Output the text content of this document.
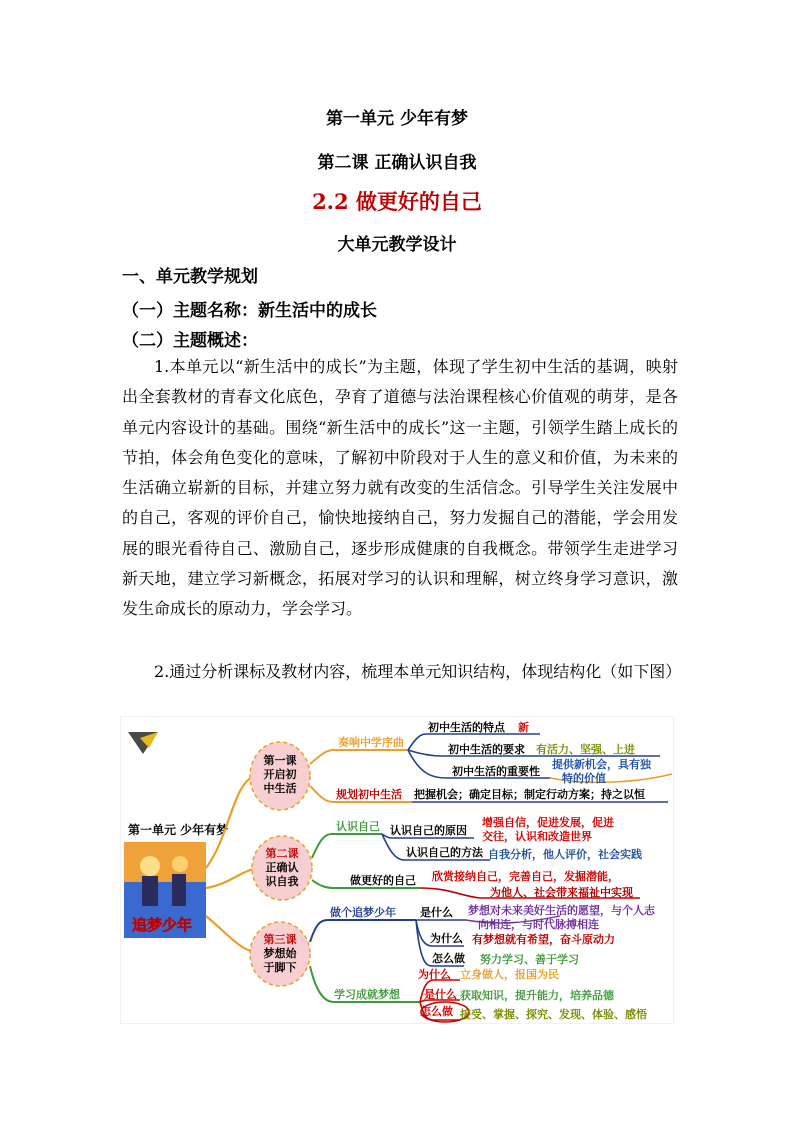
第一单元 少年有梦
第二课 正确认识自我
2.2 做更好的自己
大单元教学设计
一、单元教学规划
（一）主题名称：新生活中的成长
（二）主题概述：
1.本单元以“新生活中的成长”为主题，体现了学生初中生活的基调，映射出全套教材的青春文化底色，孕育了道德与法治课程核心价值观的萌芽，是各单元内容设计的基础。围绕“新生活中的成长”这一主题，引领学生踏上成长的节拍，体会角色变化的意味，了解初中阶段对于人生的意义和价值，为未来的生活确立崭新的目标，并建立努力就有改变的生活信念。引导学生关注发展中的自己，客观的评价自己，愉快地接纳自己，努力发掘自己的潜能，学会用发展的眼光看待自己、激励自己，逐步形成健康的自我概念。带领学生走进学习新天地，建立学习新概念，拓展对学习的认识和理解，树立终身学习意识，激发生命成长的原动力，学会学习。
2.通过分析课标及教材内容，梳理本单元知识结构，体现结构化（如下图）
第一单元 少年有梦
追梦少年
第一课
开启初
中生活
第二课
正确认
识自我
第三课
梦想始
于脚下
奏响中学序曲
规划初中生活
初中生活的特点 新
初中生活的要求 有活力、坚强、上进
初中生活的重要性
提供新机会，具有独
特的价值
把握机会；确定目标；制定行动方案；持之以恒
认识自己
做更好的自己
认识自己的原因
增强自信，促进发展，促进
交往，认识和改造世界
认识自己的方法 自我分析，他人评价，社会实践
欣赏接纳自己，完善自己，发掘潜能，
为他人、社会带来福祉中实现
做个追梦少年
学习成就梦想
是什么 梦想对未来美好生活的愿望，与个人志
向相连，与时代脉搏相连
为什么 有梦想就有希望，奋斗原动力
怎么做 努力学习、善于学习
为什么 立身做人，报国为民
是什么 获取知识，提升能力，培养品德
怎么做 接受、掌握、探究、发现、体验、感悟
